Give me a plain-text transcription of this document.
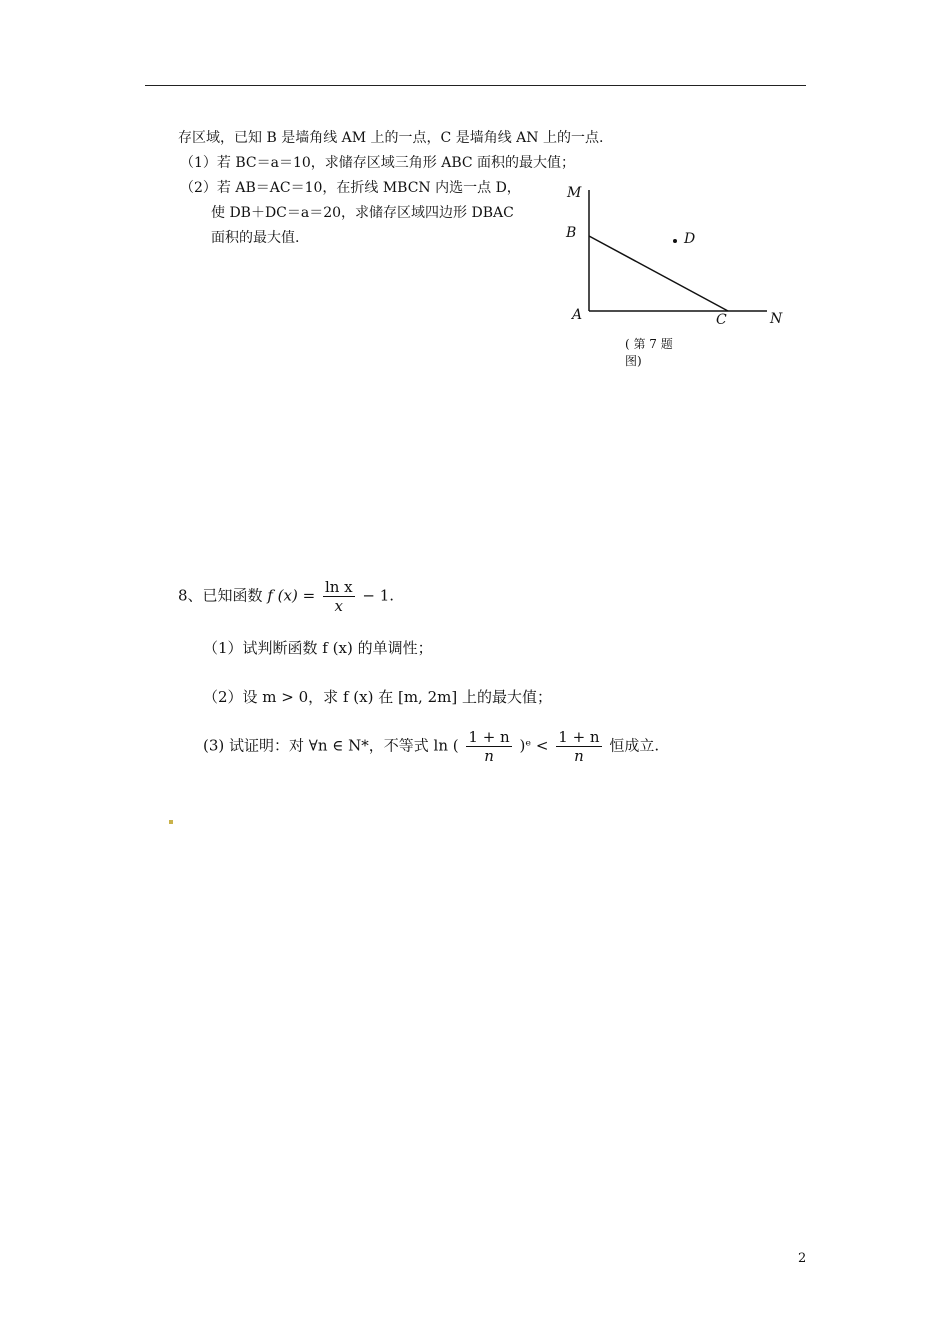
存区域，已知 B 是墙角线 AM 上的一点，C 是墙角线 AN 上的一点.
（1）若 BC＝a＝10，求储存区域三角形 ABC 面积的最大值；
（2）若 AB＝AC＝10，在折线 MBCN 内选一点 D，
使 DB＋DC＝a＝20，求储存区域四边形 DBAC
面积的最大值.
M
B	D
A	C	N
( 第 7 题
图)
8、已知函数 f $(x) = \frac{\text{ln x}}{x} - 1$.
（1）试判断函数 f (x) 的单调性；
（2）设 m > 0，求 f (x) 在 [m, 2m] 上的最大值；
(3) 试证明：对 ∀n ∈ N*，不等式 ln ( $\frac{1 + n}{n}$ )ᵉ < $\frac{1 + n}{n}$ 恒成立.
2
